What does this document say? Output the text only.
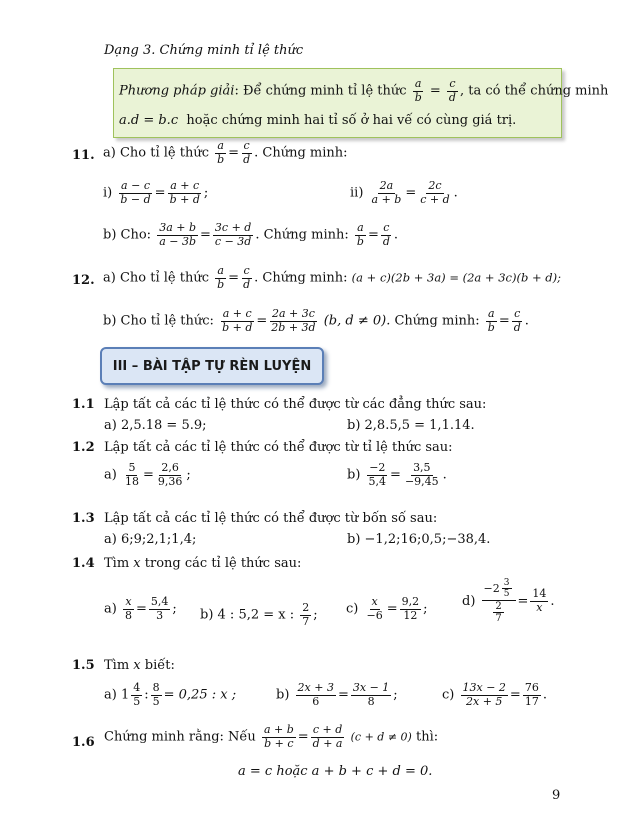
Dạng 3. Chứng minh tỉ lệ thức
Phương pháp giải: Để chứng minh tỉ lệ thức $\frac{a}{b} = \frac{c}{d}$ , ta có thể chứng minh
a.d = b.c hoặc chứng minh hai tỉ số ở hai vế có cùng giá trị.
11. a) Cho tỉ lệ thức $\frac{a}{b} = \frac{c}{d}$ . Chứng minh:
$i) \frac{a - c}{b - d} = \frac{a + c}{b + d}$ ;	$ii) \frac{2a}{a + b} = \frac{2c}{c + d}$ .
b) Cho: $\frac{3a + b}{a - 3b} = \frac{3c + d}{c - 3d}$ . Chứng minh: $\frac{a}{b} = \frac{c}{d}$ .
12. a) Cho tỉ lệ thức $\frac{a}{b} = \frac{c}{d}$ . Chứng minh: (a + c)(2b + 3a) = (2a + 3c)(b + d);
b) Cho tỉ lệ thức: $\frac{a + c}{b + d} = \frac{2a + 3c}{2b + 3d} (b$, d ≠ 0). Chứng minh: $\frac{a}{b} = \frac{c}{d}$ .
III – BÀI TẬP TỰ RÈN LUYỆN
1.1 Lập tất cả các tỉ lệ thức có thể được từ các đẳng thức sau:
a) 2,5.18 = 5.9;	b) 2,8.5,5 = 1,1.14.
1.2 Lập tất cả các tỉ lệ thức có thể được từ tỉ lệ thức sau:
$a) \frac{5}{18} = \frac{2,6}{9,36}$ ;	$b) \frac{-2}{5,4} = \frac{3,5}{-9,45}$ .
1.3 Lập tất cả các tỉ lệ thức có thể được từ bốn số sau:
a) 6;9;2,1;1,4;	b) −1,2;16;0,5;−38,4.
1.4 Tìm x trong các tỉ lệ thức sau:
$a) \frac{x}{8} = \frac{5,4}{3}$ ; b) 4 : 5,2 = x : $\frac{2}{7}$ ; $c) \frac{x}{-6} = \frac{9,2}{12}$ ;
$d) \frac{-2 \frac{3}{5}}{\frac{2}{7}} = \frac{14}{x}$ .
1.5 Tìm x biết:
a) $1 \frac{4}{5}$ : $\frac{8}{5} = 0,25$ : x ;	$b) \frac{2x + 3}{6} = \frac{3x - 1}{8}$ ;	$c) \frac{13x - 2}{2x + 5} = \frac{76}{17}$ .
1.6 Chứng minh rằng: Nếu $\frac{a + b}{b + c} = \frac{c + d}{d + a} (c + d \ne 0)$ thì:
a = c hoặc a + b + c + d = 0.
9
